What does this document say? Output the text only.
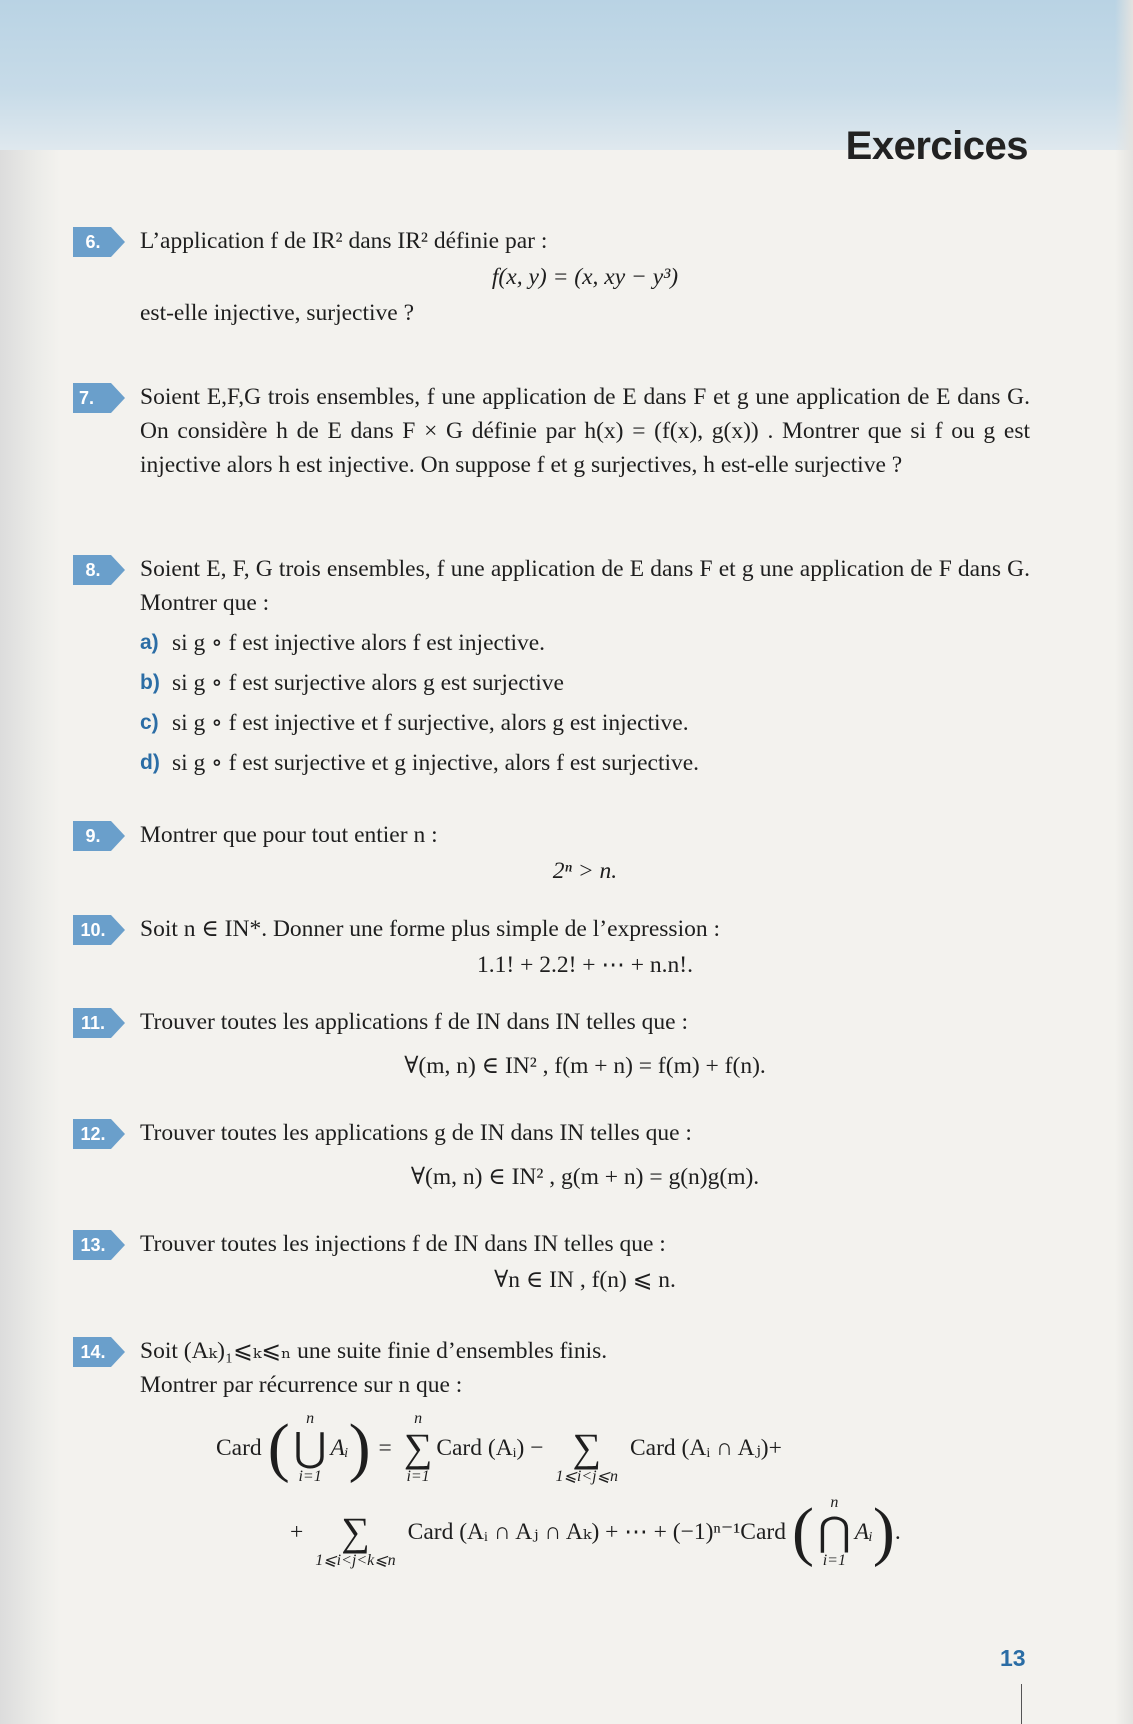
Exercices
6.	L’application f de IR² dans IR² définie par :
f(x, y) = (x, xy − y³)
est-elle injective, surjective ?
7.	Soient E,F,G trois ensembles, f une application de E dans F et g une application de E dans G. On considère h de E dans F × G définie par h(x) = (f(x), g(x)) . Montrer que si f ou g est injective alors h est injective. On suppose f et g surjectives, h est-elle surjective ?
8.	Soient E, F, G trois ensembles, f une application de E dans F et g une application de F dans G. Montrer que :
a) si g ∘ f est injective alors f est injective.
b) si g ∘ f est surjective alors g est surjective
c) si g ∘ f est injective et f surjective, alors g est injective.
d) si g ∘ f est surjective et g injective, alors f est surjective.
9.	Montrer que pour tout entier n :
2ⁿ > n.
10. Soit n ∈ IN*. Donner une forme plus simple de l’expression :
1.1! + 2.2! + ⋯ + n.n!.
11. Trouver toutes les applications f de IN dans IN telles que :
∀(m, n) ∈ IN² , f(m + n) = f(m) + f(n).
12. Trouver toutes les applications g de IN dans IN telles que :
∀(m, n) ∈ IN² , g(m + n) = g(n)g(m).
13. Trouver toutes les injections f de IN dans IN telles que :
∀n ∈ IN , f(n) ⩽ n.
14. Soit (Aₖ)₁⩽ₖ⩽ₙ une suite finie d’ensembles finis.
Montrer par récurrence sur n que :
Card ( n
⋃
i=1
Aᵢ ) =
n
∑
i=1
Card (Aᵢ) −
∑
1⩽i<j⩽n
Card (Aᵢ ∩ Aⱼ)+
+
∑
1⩽i<j<k⩽n
Card (Aᵢ ∩ Aⱼ ∩ Aₖ) + ⋯ + (−1)ⁿ⁻¹Card ( n
⋂
i=1
Aᵢ ) .
13
